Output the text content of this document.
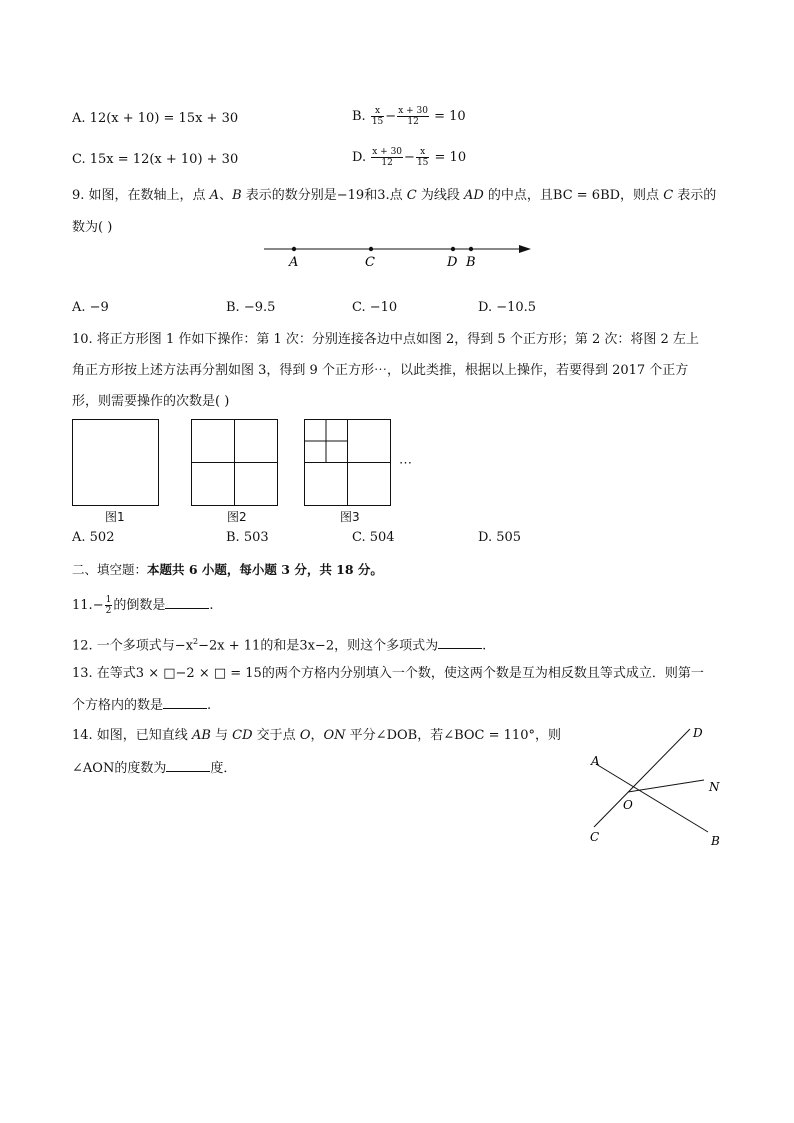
A. 12(x + 10) = 15x + 30	B. $\frac{x}{15} - \frac{x + 30}{12} = 10$
C. 15x = 12(x + 10) + 30	D. $\frac{x + 30}{12} - \frac{x}{15} = 10$
9. 如图，在数轴上，点 A、B 表示的数分别是−19和3.点 C 为线段 AD 的中点，且BC = 6BD，则点 C 表示的
数为( )
A	C	D B
A. −9	B. −9.5	C. −10	D. −10.5
10. 将正方形图 1 作如下操作：第 1 次：分别连接各边中点如图 2，得到 5 个正方形；第 2 次：将图 2 左上
角正方形按上述方法再分割如图 3，得到 9 个正方形⋯，以此类推，根据以上操作，若要得到 2017 个正方
形，则需要操作的次数是( )
图1	图2	图3
⋯
A. 502	B. 503	C. 504	D. 505
二、填空题：本题共 6 小题，每小题 3 分，共 18 分。
$11.- \frac{1}{2}$ 的倒数是	.
12. 一个多项式与$-x^2-2x + 11$的和是3x−2，则这个多项式为	.
13. 在等式3 × □−2 × □ = 15的两个方格内分别填入一个数，使这两个数是互为相反数且等式成立．则第一
个方格内的数是	.
14. 如图，已知直线 AB 与 CD 交于点 O，ON 平分∠DOB，若∠BOC = 110°，则
∠AON的度数为	度．	A
D
N
O
C	B
